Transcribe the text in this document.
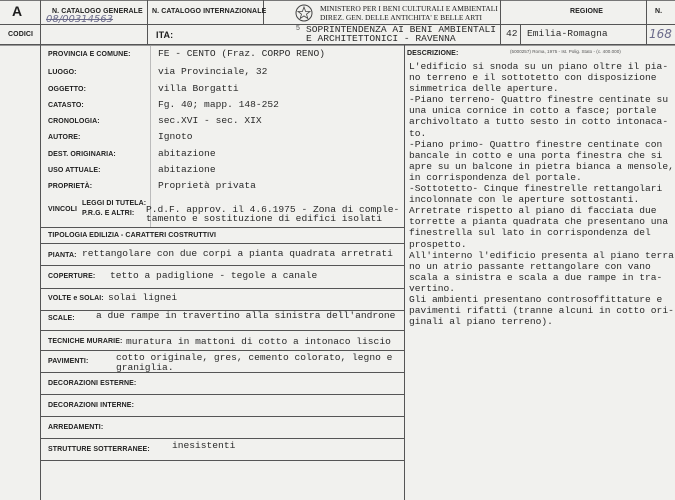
A
CODICI
N. CATALOGO GENERALE
08/00314563
N. CATALOGO INTERNAZIONALE
ITA:
MINISTERO PER I BENI CULTURALI E AMBIENTALI
DIREZ. GEN. DELLE ANTICHITA' E BELLE ARTI
5 SOPRINTENDENZA AI BENI AMBIENTALI
E ARCHITETTONICI - RAVENNA	42
REGIONE
Emilia-Romagna
N.
168
PROVINCIA E COMUNE:	FE - CENTO (Fraz. CORPO RENO)
LUOGO:	via Provinciale, 32
OGGETTO:	villa Borgatti
CATASTO:	Fg. 40; mapp. 148-252
CRONOLOGIA:	sec.XVI - sec. XIX
AUTORE:	Ignoto
DEST. ORIGINARIA:	abitazione
USO ATTUALE:	abitazione
PROPRIETÀ:	Proprietà privata
VINCOLI
LEGGI DI TUTELA:
P.R.G. E ALTRI: P.d.F. approv. il 4.6.1975 - Zona di comple-
tamento e sostituzione di edifici isolati
TIPOLOGIA EDILIZIA - CARATTERI COSTRUTTIVI
PIANTA: rettangolare con due corpi a pianta quadrata arretrati
COPERTURE: tetto a padiglione - tegole a canale
VOLTE e SOLAI: solai lignei
SCALE: a due rampe in travertino alla sinistra dell'androne
TECNICHE MURARIE: muratura in mattoni di cotto a intonaco liscio
PAVIMENTI:	cotto originale, gres, cemento colorato, legno e
graniglia.
DECORAZIONI ESTERNE:
DECORAZIONI INTERNE:
ARREDAMENTI:
STRUTTURE SOTTERRANEE: inesistenti
DESCRIZIONE:	(5000257) Roma, 1975 - Ist. Polig. Stato - (c. 400.000)
L'edificio si snoda su un piano oltre il pia-
no terreno e il sottotetto con disposizione
simmetrica delle aperture.
-Piano terreno- Quattro finestre centinate su
una unica cornice in cotto a fasce; portale
archivoltato a tutto sesto in cotto intonaca-
to.
-Piano primo- Quattro finestre centinate con
bancale in cotto e una porta finestra che si
apre su un balcone in pietra bianca a mensole,
in corrispondenza del portale.
-Sottotetto- Cinque finestrelle rettangolari
incolonnate con le aperture sottostanti.
Arretrate rispetto al piano di facciata due
torrette a pianta quadrata che presentano una
finestrella sul lato in corrispondenza del
prospetto.
All'interno l'edificio presenta al piano terra
no un atrio passante rettangolare con vano
scala a sinistra e scala a due rampe in tra-
vertino.
Gli ambienti presentano controsoffittature e
pavimenti rifatti (tranne alcuni in cotto ori-
ginali al piano terreno).
